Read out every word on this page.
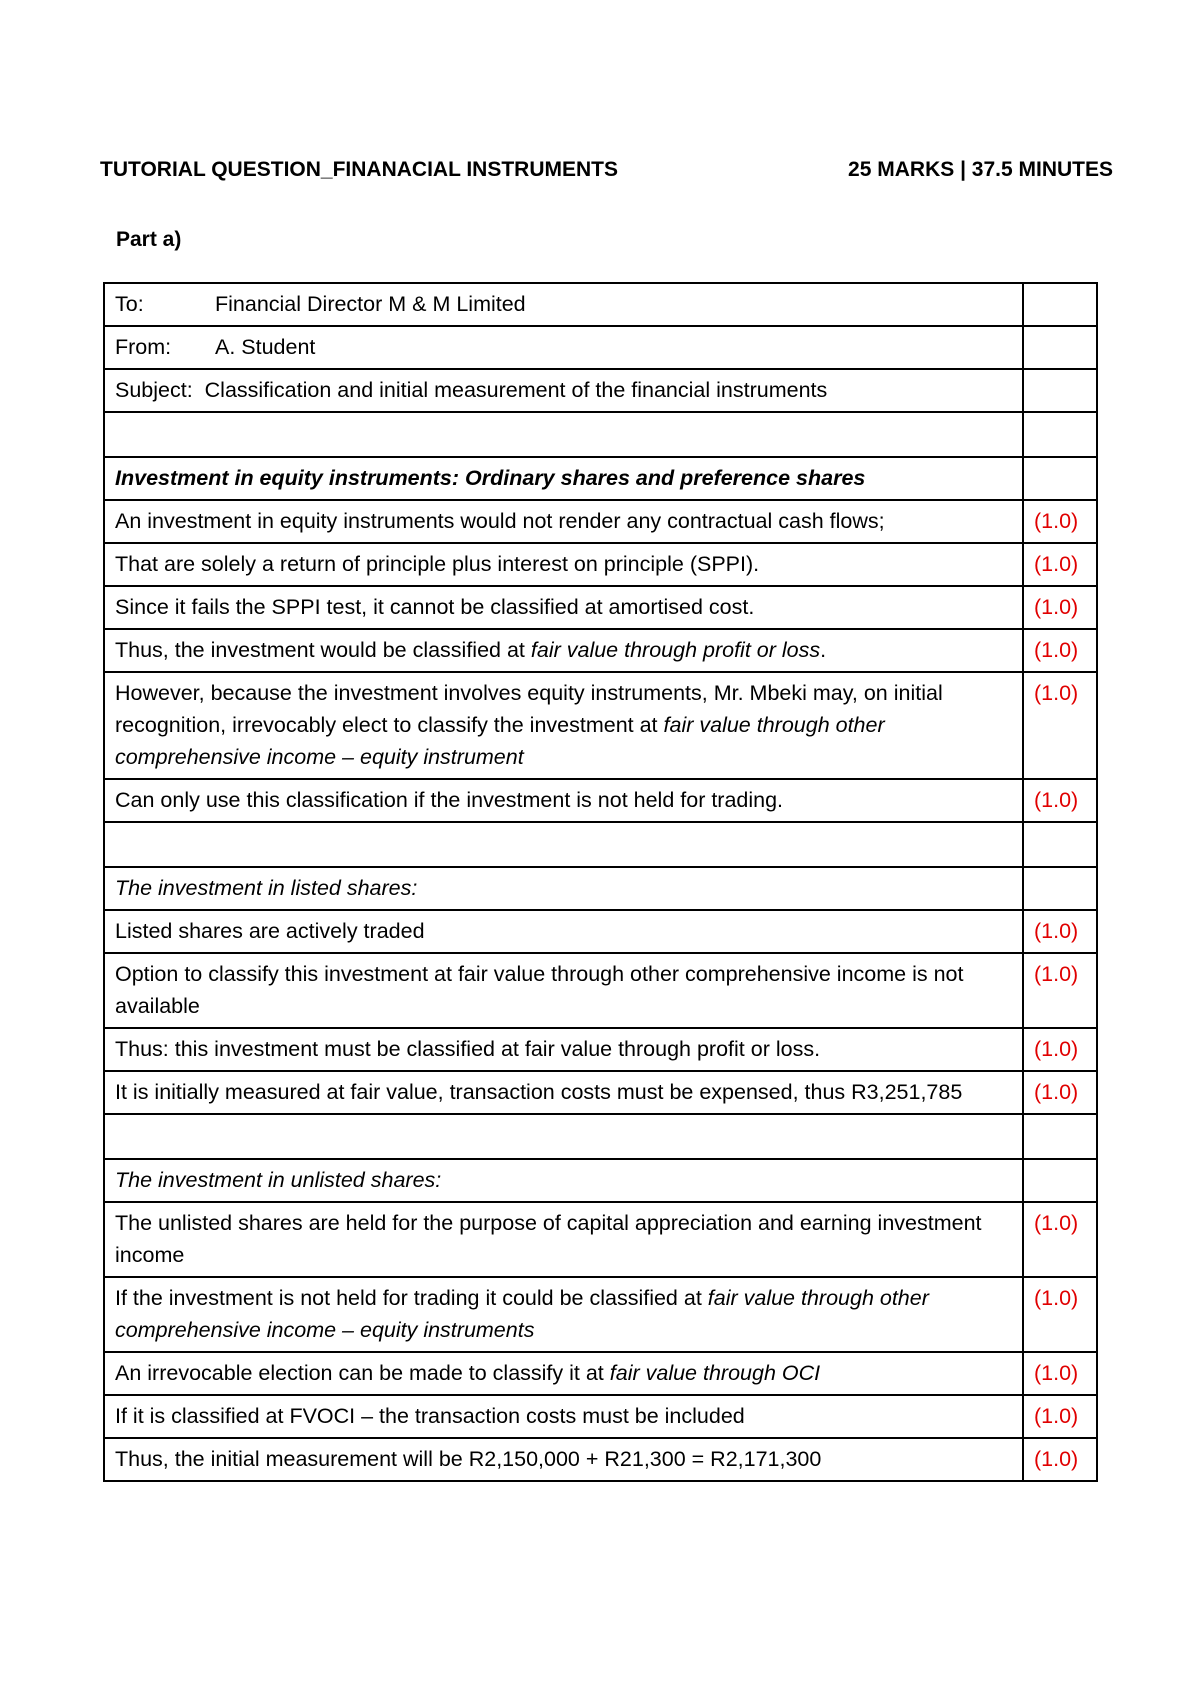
TUTORIAL QUESTION_FINANACIAL INSTRUMENTS	25 MARKS | 37.5 MINUTES
Part a)
To: Financial Director M & M Limited	
From: A. Student	
Subject: Classification and initial measurement of the financial instruments	

Investment in equity instruments: Ordinary shares and preference shares	
An investment in equity instruments would not render any contractual cash flows;	(1.0)
That are solely a return of principle plus interest on principle (SPPI).	(1.0)
Since it fails the SPPI test, it cannot be classified at amortised cost.	(1.0)
Thus, the investment would be classified at fair value through profit or loss.	(1.0)
However, because the investment involves equity instruments, Mr. Mbeki may, on initial recognition, irrevocably elect to classify the investment at fair value through other comprehensive income – equity instrument	(1.0)
Can only use this classification if the investment is not held for trading.	(1.0)

The investment in listed shares:	
Listed shares are actively traded	(1.0)
Option to classify this investment at fair value through other comprehensive income is not available	(1.0)
Thus: this investment must be classified at fair value through profit or loss.	(1.0)
It is initially measured at fair value, transaction costs must be expensed, thus R3,251,785	(1.0)

The investment in unlisted shares:	
The unlisted shares are held for the purpose of capital appreciation and earning investment income	(1.0)
If the investment is not held for trading it could be classified at fair value through other comprehensive income – equity instruments	(1.0)
An irrevocable election can be made to classify it at fair value through OCI	(1.0)
If it is classified at FVOCI – the transaction costs must be included	(1.0)
Thus, the initial measurement will be R2,150,000 + R21,300 = R2,171,300	(1.0)
